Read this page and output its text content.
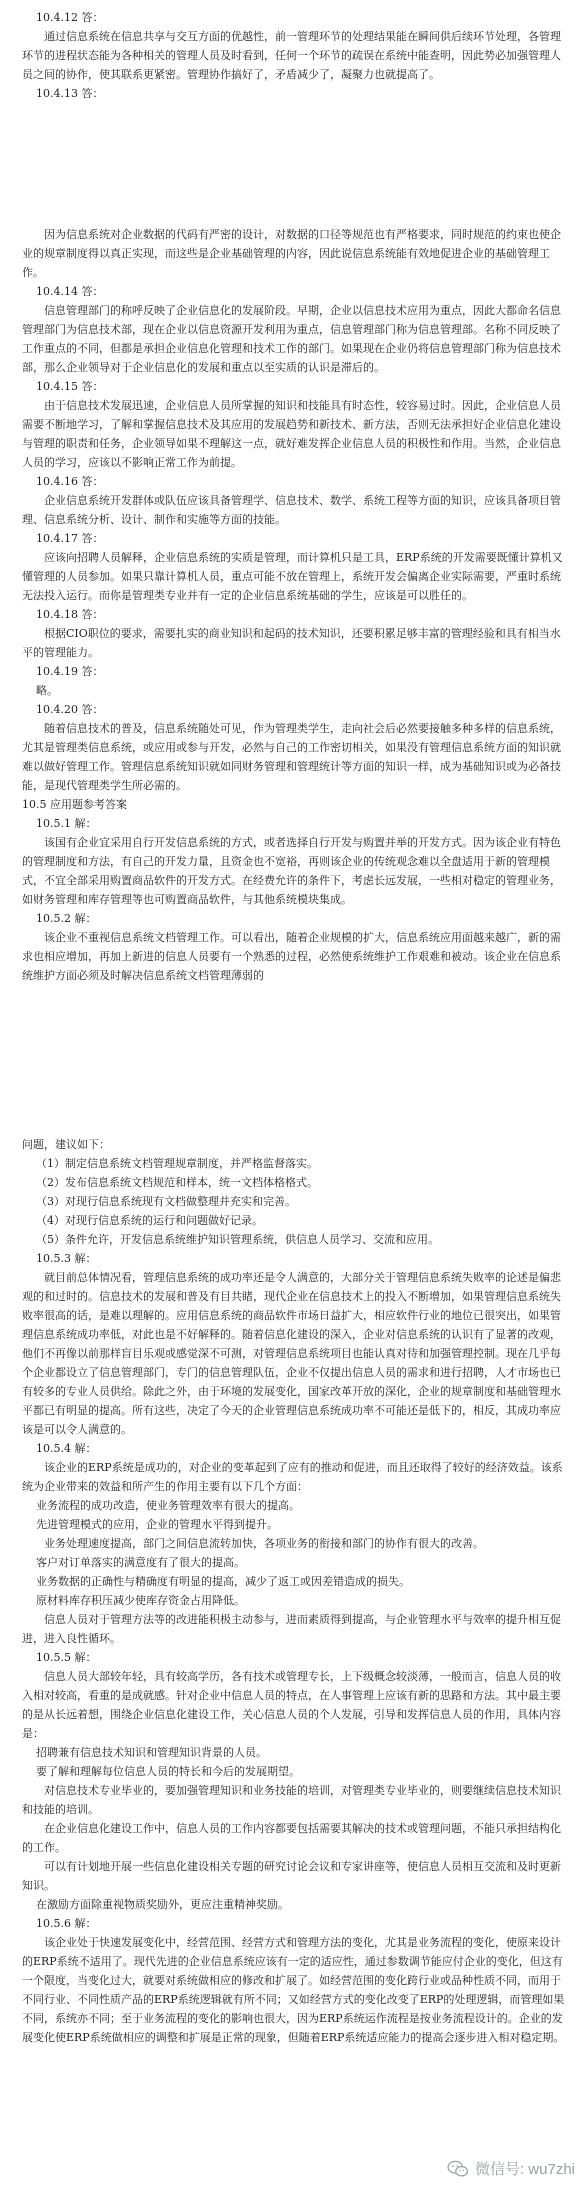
10.4.12 答：
通过信息系统在信息共享与交互方面的优越性，前一管理环节的处理结果能在瞬间供后续环节处理，各管理环节的进程状态能为各种相关的管理人员及时看到，任何一个环节的疏误在系统中能查明，因此势必加强管理人员之间的协作，使其联系更紧密。管理协作搞好了，矛盾减少了，凝聚力也就提高了。
10.4.13 答：
因为信息系统对企业数据的代码有严密的设计，对数据的口径等规范也有严格要求，同时规范的约束也使企业的规章制度得以真正实现，而这些是企业基础管理的内容，因此说信息系统能有效地促进企业的基础管理工作。
10.4.14 答：
信息管理部门的称呼反映了企业信息化的发展阶段。早期，企业以信息技术应用为重点，因此大都命名信息管理部门为信息技术部，现在企业以信息资源开发利用为重点，信息管理部门称为信息管理部。名称不同反映了工作重点的不同，但都是承担企业信息化管理和技术工作的部门。如果现在企业仍将信息管理部门称为信息技术部，那么企业领导对于企业信息化的发展和重点以至实质的认识是滞后的。
10.4.15 答：
由于信息技术发展迅速，企业信息人员所掌握的知识和技能具有时态性，较容易过时。因此，企业信息人员需要不断地学习，了解和掌握信息技术及其应用的发展趋势和新技术、新方法，否则无法承担好企业信息化建设与管理的职责和任务，企业领导如果不理解这一点，就好难发挥企业信息人员的积极性和作用。当然，企业信息人员的学习，应该以不影响正常工作为前提。
10.4.16 答：
企业信息系统开发群体或队伍应该具备管理学、信息技术、数学、系统工程等方面的知识，应该具备项目管理、信息系统分析、设计、制作和实施等方面的技能。
10.4.17 答：
应该向招聘人员解释，企业信息系统的实质是管理，而计算机只是工具，ERP系统的开发需要既懂计算机又懂管理的人员参加。如果只靠计算机人员，重点可能不放在管理上，系统开发会偏离企业实际需要，严重时系统无法投入运行。而你是管理类专业并有一定的企业信息系统基础的学生，应该是可以胜任的。
10.4.18 答：
根据CIO职位的要求，需要扎实的商业知识和起码的技术知识，还要积累足够丰富的管理经验和具有相当水平的管理能力。
10.4.19 答：
略。
10.4.20 答：
随着信息技术的普及，信息系统随处可见，作为管理类学生，走向社会后必然要接触多种多样的信息系统，尤其是管理类信息系统，或应用或参与开发，必然与自己的工作密切相关，如果没有管理信息系统方面的知识就难以做好管理工作。管理信息系统知识就如同财务管理和管理统计等方面的知识一样，成为基础知识或为必备技能，是现代管理类学生所必需的。
10.5 应用题参考答案
10.5.1 解：
该国有企业宜采用自行开发信息系统的方式，或者选择自行开发与购置并举的开发方式。因为该企业有特色的管理制度和方法，有自己的开发力量，且资金也不宽裕，再则该企业的传统观念难以全盘适用于新的管理模式，不宜全部采用购置商品软件的开发方式。在经费允许的条件下，考虑长远发展，一些相对稳定的管理业务，如财务管理和库存管理等也可购置商品软件，与其他系统模块集成。
10.5.2 解：
该企业不重视信息系统文档管理工作。可以看出，随着企业规模的扩大，信息系统应用面越来越广，新的需求也相应增加，再加上新进的信息人员要有一个熟悉的过程，必然使系统维护工作艰难和被动。该企业在信息系统维护方面必须及时解决信息系统文档管理薄弱的
问题，建议如下：
（1）制定信息系统文档管理规章制度，并严格监督落实。
（2）发布信息系统文档规范和样本，统一文档体格格式。
（3）对现行信息系统现有文档做整理并充实和完善。
（4）对现行信息系统的运行和问题做好记录。
（5）条件允许，开发信息系统维护知识管理系统，供信息人员学习、交流和应用。
10.5.3 解：
就目前总体情况看，管理信息系统的成功率还是令人满意的，大部分关于管理信息系统失败率的论述是偏悲观的和过时的。信息技术的发展和普及有目共睹，现代企业在信息技术上的投入不断增加，如果管理信息系统失败率很高的话，是难以理解的。应用信息系统的商品软件市场日益扩大，相应软件行业的地位已很突出，如果管理信息系统成功率低，对此也是不好解释的。随着信息化建设的深入，企业对信息系统的认识有了显著的改观，他们不再像以前那样盲目乐观或感觉深不可测，对管理信息系统项目也能认真对待和加强管理控制。现在几乎每个企业都设立了信息管理部门，专门的信息管理队伍，企业不仅提出信息人员的需求和进行招聘，人才市场也已有较多的专业人员供给。除此之外，由于环境的发展变化，国家改革开放的深化，企业的规章制度和基础管理水平都已有明显的提高。所有这些，决定了今天的企业管理信息系统成功率不可能还是低下的，相反，其成功率应该是可以令人满意的。
10.5.4 解：
该企业的ERP系统是成功的，对企业的变革起到了应有的推动和促进，而且还取得了较好的经济效益。该系统为企业带来的效益和所产生的作用主要有以下几个方面：
业务流程的成功改造，使业务管理效率有很大的提高。
先进管理模式的应用，企业的管理水平得到提升。
业务处理速度提高，部门之间信息流转加快，各项业务的衔接和部门的协作有很大的改善。
客户对订单落实的满意度有了很大的提高。
业务数据的正确性与精确度有明显的提高，减少了返工或因差错造成的损失。
原材料库存积压减少使库存资金占用降低。
信息人员对于管理方法等的改进能积极主动参与，进而素质得到提高，与企业管理水平与效率的提升相互促进，进入良性循环。
10.5.5 解：
信息人员大部较年轻，具有较高学历，各有技术或管理专长，上下级概念较淡薄，一般而言，信息人员的收入相对较高，看重的是成就感。针对企业中信息人员的特点，在人事管理上应该有新的思路和方法。其中最主要的是从长远着想，围绕企业信息化建设工作，关心信息人员的个人发展，引导和发挥信息人员的作用，具体内容是：
招聘兼有信息技术知识和管理知识背景的人员。
要了解和理解每位信息人员的特长和今后的发展期望。
对信息技术专业毕业的，要加强管理知识和业务技能的培训，对管理类专业毕业的，则要继续信息技术知识和技能的培训。
在企业信息化建设工作中，信息人员的工作内容都要包括需要其解决的技术或管理问题，不能只承担结构化的工作。
可以有计划地开展一些信息化建设相关专题的研究讨论会议和专家讲座等，使信息人员相互交流和及时更新知识。
在激励方面除重视物质奖励外，更应注重精神奖励。
10.5.6 解：
该企业处于快速发展变化中，经营范围、经营方式和管理方法的变化，尤其是业务流程的变化，使原来设计的ERP系统不适用了。现代先进的企业信息系统应该有一定的适应性，通过参数调节能应付企业的变化，但这有一个限度，当变化过大，就要对系统做相应的修改和扩展了。如经营范围的变化跨行业或品种性质不同，而用于不同行业、不同性质产品的ERP系统逻辑就有所不同；又如经营方式的变化改变了ERP的处理逻辑，而管理如果不同，系统亦不同；至于业务流程的变化的影响也很大，因为ERP系统运作流程是按业务流程设计的。企业的发展变化使ERP系统做相应的调整和扩展是正常的现象，但随着ERP系统适应能力的提高会逐步进入相对稳定期。
微信号: wu7zhi
